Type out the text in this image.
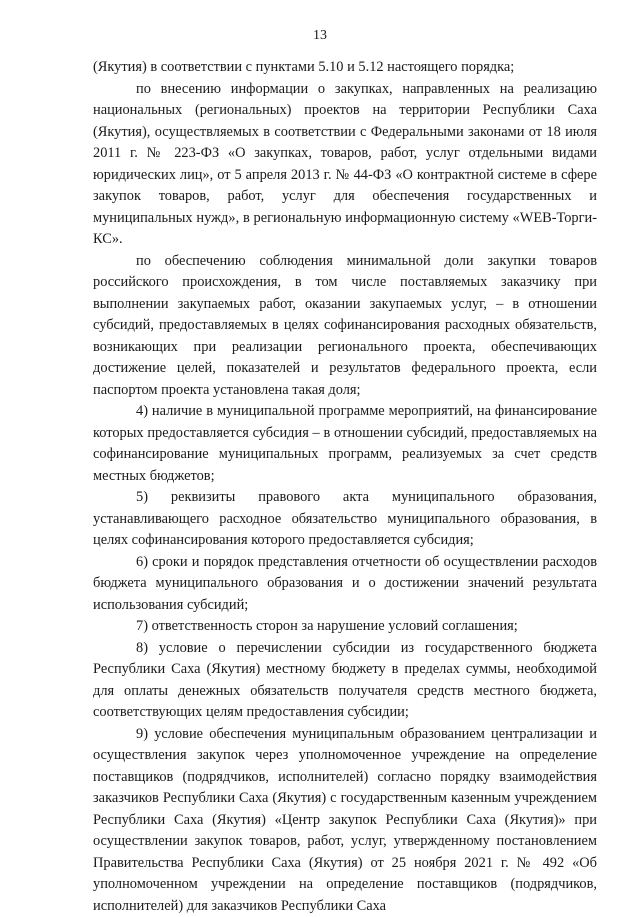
13

(Якутия) в соответствии с пунктами 5.10 и 5.12 настоящего порядка;

по внесению информации о закупках, направленных на реализацию национальных (региональных) проектов на территории Республики Саха (Якутия), осуществляемых в соответствии с Федеральными законами от 18 июля 2011 г. № 223-ФЗ «О закупках, товаров, работ, услуг отдельными видами юридических лиц», от 5 апреля 2013 г. № 44-ФЗ «О контрактной системе в сфере закупок товаров, работ, услуг для обеспечения государственных и муниципальных нужд», в региональную информационную систему «WEB-Торги-КС».

по обеспечению соблюдения минимальной доли закупки товаров российского происхождения, в том числе поставляемых заказчику при выполнении закупаемых работ, оказании закупаемых услуг, – в отношении субсидий, предоставляемых в целях софинансирования расходных обязательств, возникающих при реализации регионального проекта, обеспечивающих достижение целей, показателей и результатов федерального проекта, если паспортом проекта установлена такая доля;

4) наличие в муниципальной программе мероприятий, на финансирование которых предоставляется субсидия – в отношении субсидий, предоставляемых на софинансирование муниципальных программ, реализуемых за счет средств местных бюджетов;

5) реквизиты правового акта муниципального образования, устанавливающего расходное обязательство муниципального образования, в целях софинансирования которого предоставляется субсидия;

6) сроки и порядок представления отчетности об осуществлении расходов бюджета муниципального образования и о достижении значений результата использования субсидий;

7) ответственность сторон за нарушение условий соглашения;

8) условие о перечислении субсидии из государственного бюджета Республики Саха (Якутия) местному бюджету в пределах суммы, необходимой для оплаты денежных обязательств получателя средств местного бюджета, соответствующих целям предоставления субсидии;

9) условие обеспечения муниципальным образованием централизации и осуществления закупок через уполномоченное учреждение на определение поставщиков (подрядчиков, исполнителей) согласно порядку взаимодействия заказчиков Республики Саха (Якутия) с государственным казенным учреждением Республики Саха (Якутия) «Центр закупок Республики Саха (Якутия)» при осуществлении закупок товаров, работ, услуг, утвержденному постановлением Правительства Республики Саха (Якутия) от 25 ноября 2021 г. № 492 «Об уполномоченном учреждении на определение поставщиков (подрядчиков, исполнителей) для заказчиков Республики Саха
